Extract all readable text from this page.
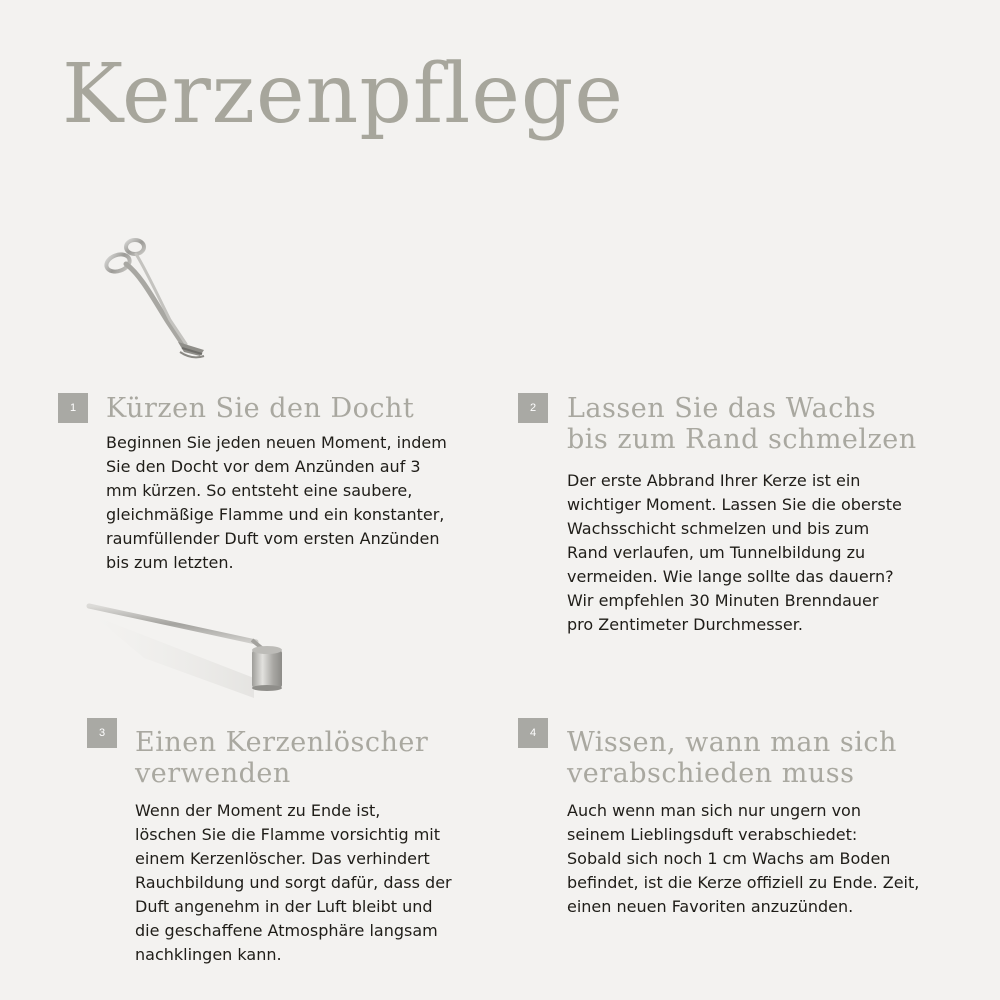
Kerzenpflege
1	Kürzen Sie den Docht

Beginnen Sie jeden neuen Moment, indem
Sie den Docht vor dem Anzünden auf 3
mm kürzen. So entsteht eine saubere,
gleichmäßige Flamme und ein konstanter,
raumfüllender Duft vom ersten Anzünden
bis zum letzten.

2	Lassen Sie das Wachs
bis zum Rand schmelzen

Der erste Abbrand Ihrer Kerze ist ein
wichtiger Moment. Lassen Sie die oberste
Wachsschicht schmelzen und bis zum
Rand verlaufen, um Tunnelbildung zu
vermeiden. Wie lange sollte das dauern?
Wir empfehlen 30 Minuten Brenndauer
pro Zentimeter Durchmesser.

3	Einen Kerzenlöscher
verwenden

Wenn der Moment zu Ende ist,
löschen Sie die Flamme vorsichtig mit
einem Kerzenlöscher. Das verhindert
Rauchbildung und sorgt dafür, dass der
Duft angenehm in der Luft bleibt und
die geschaffene Atmosphäre langsam
nachklingen kann.

4	Wissen, wann man sich
verabschieden muss

Auch wenn man sich nur ungern von
seinem Lieblingsduft verabschiedet:
Sobald sich noch 1 cm Wachs am Boden
befindet, ist die Kerze offiziell zu Ende. Zeit,
einen neuen Favoriten anzuzünden.
